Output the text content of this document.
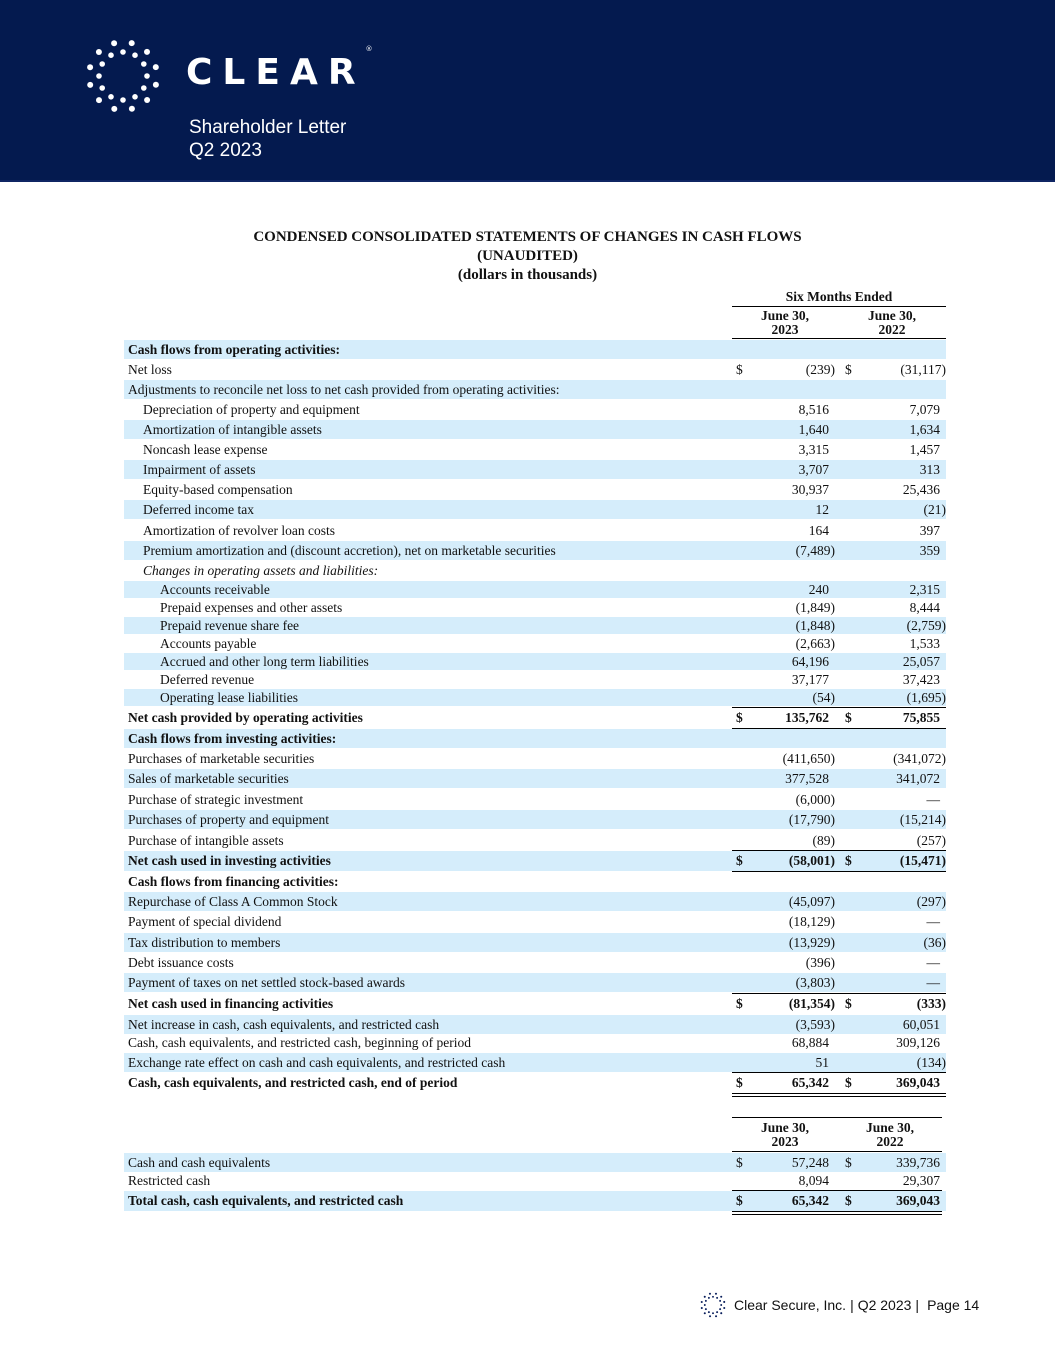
CLEAR®
Shareholder Letter
Q2 2023
CONDENSED CONSOLIDATED STATEMENTS OF CHANGES IN CASH FLOWS
(UNAUDITED)
(dollars in thousands)
Six Months Ended
June 30,
2023
June 30,
2022
Cash flows from operating activities:
Net loss	$	(239) $	(31,117)
Adjustments to reconcile net loss to net cash provided from operating activities:
Depreciation of property and equipment	8,516	7,079
Amortization of intangible assets	1,640	1,634
Noncash lease expense	3,315	1,457
Impairment of assets	3,707	313
Equity-based compensation	30,937	25,436
Deferred income tax	12	(21)
Amortization of revolver loan costs	164	397
Premium amortization and (discount accretion), net on marketable securities	(7,489)	359
Changes in operating assets and liabilities:
Accounts receivable	240	2,315
Prepaid expenses and other assets	(1,849)	8,444
Prepaid revenue share fee	(1,848)	(2,759)
Accounts payable	(2,663)	1,533
Accrued and other long term liabilities	64,196	25,057
Deferred revenue	37,177	37,423
Operating lease liabilities	(54)	(1,695)
Net cash provided by operating activities	$	135,762 $	75,855
Cash flows from investing activities:
Purchases of marketable securities	(411,650)	(341,072)
Sales of marketable securities	377,528	341,072
Purchase of strategic investment	(6,000)	—
Purchases of property and equipment	(17,790)	(15,214)
Purchase of intangible assets	(89)	(257)
Net cash used in investing activities	$	(58,001) $	(15,471)
Cash flows from financing activities:
Repurchase of Class A Common Stock	(45,097)	(297)
Payment of special dividend	(18,129)	—
Tax distribution to members	(13,929)	(36)
Debt issuance costs	(396)	—
Payment of taxes on net settled stock-based awards	(3,803)	—
Net cash used in financing activities	$	(81,354) $	(333)
Net increase in cash, cash equivalents, and restricted cash	(3,593)	60,051
Cash, cash equivalents, and restricted cash, beginning of period	68,884	309,126
Exchange rate effect on cash and cash equivalents, and restricted cash	51	(134)
Cash, cash equivalents, and restricted cash, end of period	$	65,342 $	369,043
June 30,
2023
June 30,
2022
Cash and cash equivalents	$	57,248 $	339,736
Restricted cash	8,094	29,307
Total cash, cash equivalents, and restricted cash	$	65,342 $	369,043
Clear Secure, Inc. | Q2 2023 | Page 14
